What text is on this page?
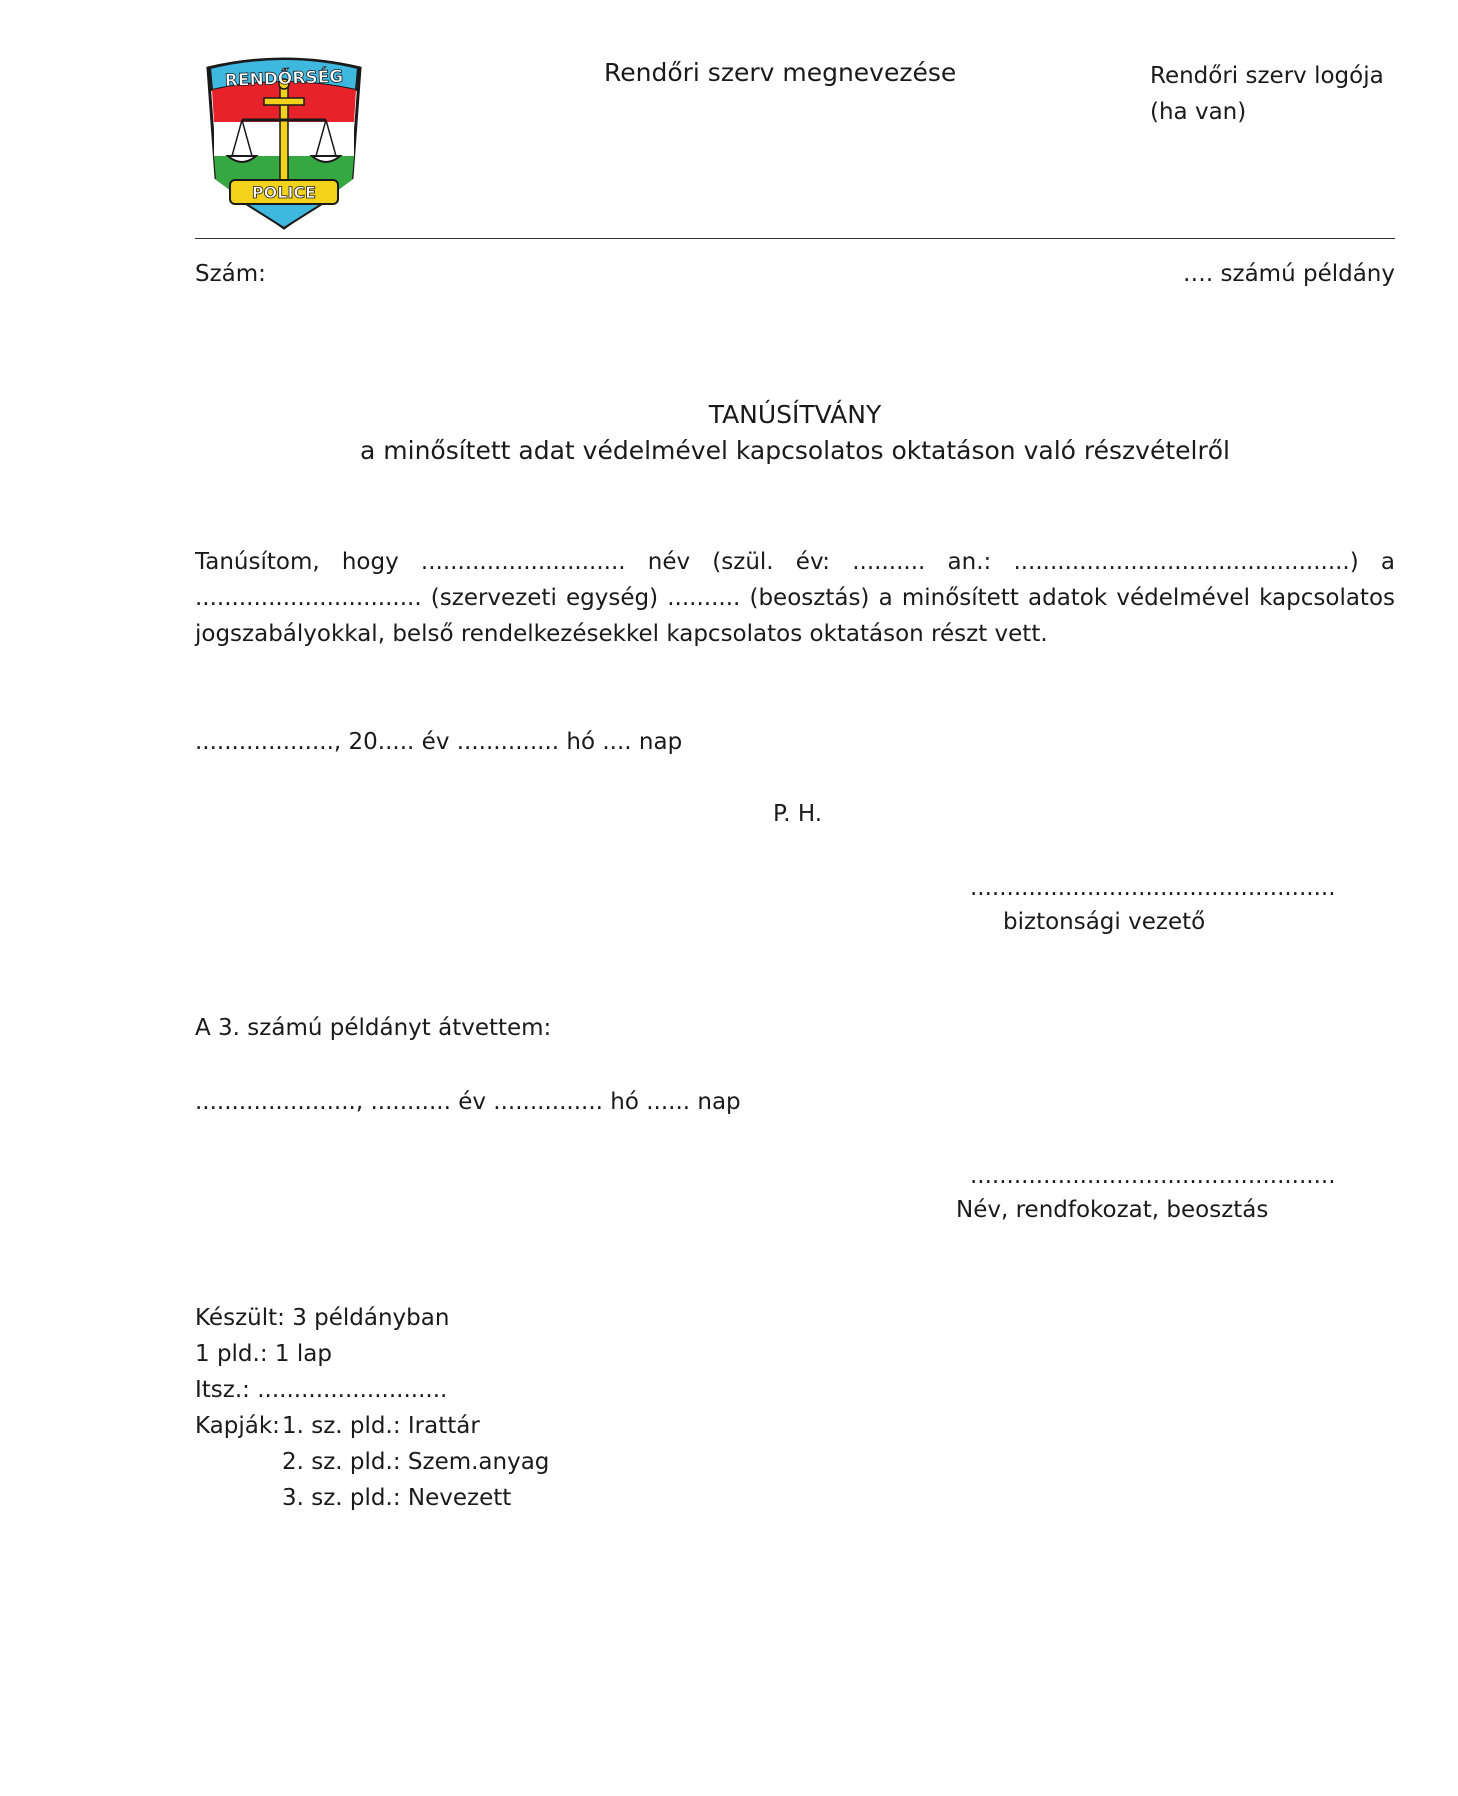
RENDŐRSÉG
POLICE
Rendőri szerv megnevezése	Rendőri szerv logója
(ha van)
Szám:	…. számú példány
TANÚSÍTVÁNY
a minősített adat védelmével kapcsolatos oktatáson való részvételről
Tanúsítom, hogy ............................ név (szül. év: .......... an.: ..............................................) a ............................... (szervezeti egység) .......... (beosztás) a minősített adatok védelmével kapcsolatos jogszabályokkal, belső rendelkezésekkel kapcsolatos oktatáson részt vett.
..................., 20..... év .............. hó .... nap
P. H.
..................................................
biztonsági vezető
A 3. számú példányt átvettem:
......................, ........... év ............... hó ...... nap
..................................................
Név, rendfokozat, beosztás
Készült: 3 példányban
1 pld.: 1 lap
Itsz.: ..........................
Kapják: 1. sz. pld.: Irattár
2. sz. pld.: Szem.anyag
3. sz. pld.: Nevezett
